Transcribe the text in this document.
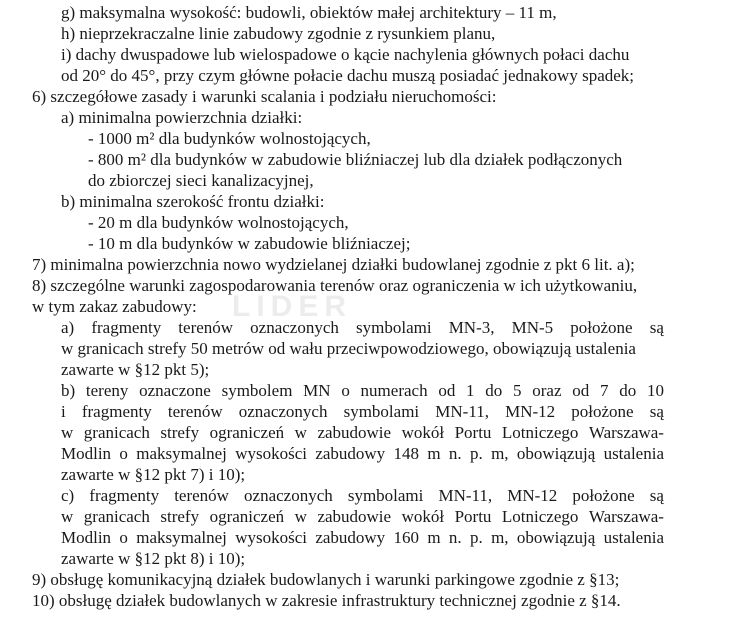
LIDER
g) maksymalna wysokość: budowli, obiektów małej architektury – 11 m,
h) nieprzekraczalne linie zabudowy zgodnie z rysunkiem planu,
i) dachy dwuspadowe lub wielospadowe o kącie nachylenia głównych połaci dachu
od 20° do 45°, przy czym główne połacie dachu muszą posiadać jednakowy spadek;
6) szczegółowe zasady i warunki scalania i podziału nieruchomości:
a) minimalna powierzchnia działki:
- 1000 m² dla budynków wolnostojących,
- 800 m² dla budynków w zabudowie bliźniaczej lub dla działek podłączonych
do zbiorczej sieci kanalizacyjnej,
b) minimalna szerokość frontu działki:
- 20 m dla budynków wolnostojących,
- 10 m dla budynków w zabudowie bliźniaczej;
7) minimalna powierzchnia nowo wydzielanej działki budowlanej zgodnie z pkt 6 lit. a);
8) szczególne warunki zagospodarowania terenów oraz ograniczenia w ich użytkowaniu,
w tym zakaz zabudowy:
a) fragmenty terenów oznaczonych symbolami MN-3, MN-5 położone są
w granicach strefy 50 metrów od wału przeciwpowodziowego, obowiązują ustalenia
zawarte w §12 pkt 5);
b) tereny oznaczone symbolem MN o numerach od 1 do 5 oraz od 7 do 10
i fragmenty terenów oznaczonych symbolami MN-11, MN-12 położone są
w granicach strefy ograniczeń w zabudowie wokół Portu Lotniczego Warszawa-
Modlin o maksymalnej wysokości zabudowy 148 m n. p. m, obowiązują ustalenia
zawarte w §12 pkt 7) i 10);
c) fragmenty terenów oznaczonych symbolami MN-11, MN-12 położone są
w granicach strefy ograniczeń w zabudowie wokół Portu Lotniczego Warszawa-
Modlin o maksymalnej wysokości zabudowy 160 m n. p. m, obowiązują ustalenia
zawarte w §12 pkt 8) i 10);
9) obsługę komunikacyjną działek budowlanych i warunki parkingowe zgodnie z §13;
10) obsługę działek budowlanych w zakresie infrastruktury technicznej zgodnie z §14.
